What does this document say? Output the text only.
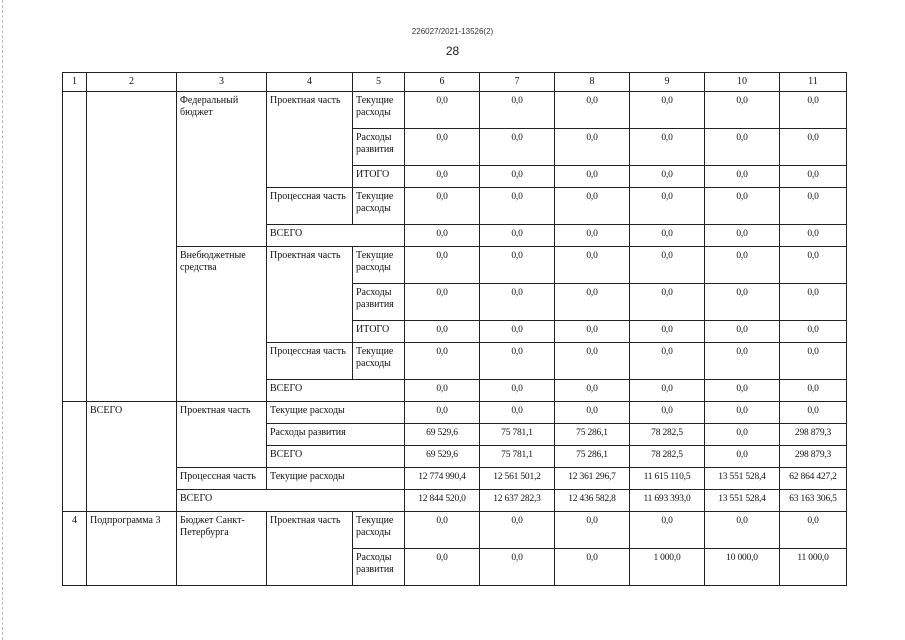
226027/2021-13526(2)
28
1	2	3	4	5	6	7	8	9	10	11
		Федеральный бюджет	Проектная часть	Текущие расходы	0,0	0,0	0,0	0,0	0,0	0,0
				Расходы развития	0,0	0,0	0,0	0,0	0,0	0,0
				ИТОГО	0,0	0,0	0,0	0,0	0,0	0,0
			Процессная часть	Текущие расходы	0,0	0,0	0,0	0,0	0,0	0,0
			ВСЕГО		0,0	0,0	0,0	0,0	0,0	0,0
		Внебюджетные средства	Проектная часть	Текущие расходы	0,0	0,0	0,0	0,0	0,0	0,0
				Расходы развития	0,0	0,0	0,0	0,0	0,0	0,0
				ИТОГО	0,0	0,0	0,0	0,0	0,0	0,0
			Процессная часть	Текущие расходы	0,0	0,0	0,0	0,0	0,0	0,0
			ВСЕГО		0,0	0,0	0,0	0,0	0,0	0,0
	ВСЕГО	Проектная часть	Текущие расходы		0,0	0,0	0,0	0,0	0,0	0,0
			Расходы развития		69 529,6	75 781,1	75 286,1	78 282,5	0,0	298 879,3
			ВСЕГО		69 529,6	75 781,1	75 286,1	78 282,5	0,0	298 879,3
		Процессная часть	Текущие расходы		12 774 990,4	12 561 501,2	12 361 296,7	11 615 110,5	13 551 528,4	62 864 427,2
		ВСЕГО			12 844 520,0	12 637 282,3	12 436 582,8	11 693 393,0	13 551 528,4	63 163 306,5
4	Подпрограмма 3	Бюджет Санкт-Петербурга	Проектная часть	Текущие расходы	0,0	0,0	0,0	0,0	0,0	0,0
				Расходы развития	0,0	0,0	0,0	1 000,0	10 000,0	11 000,0
